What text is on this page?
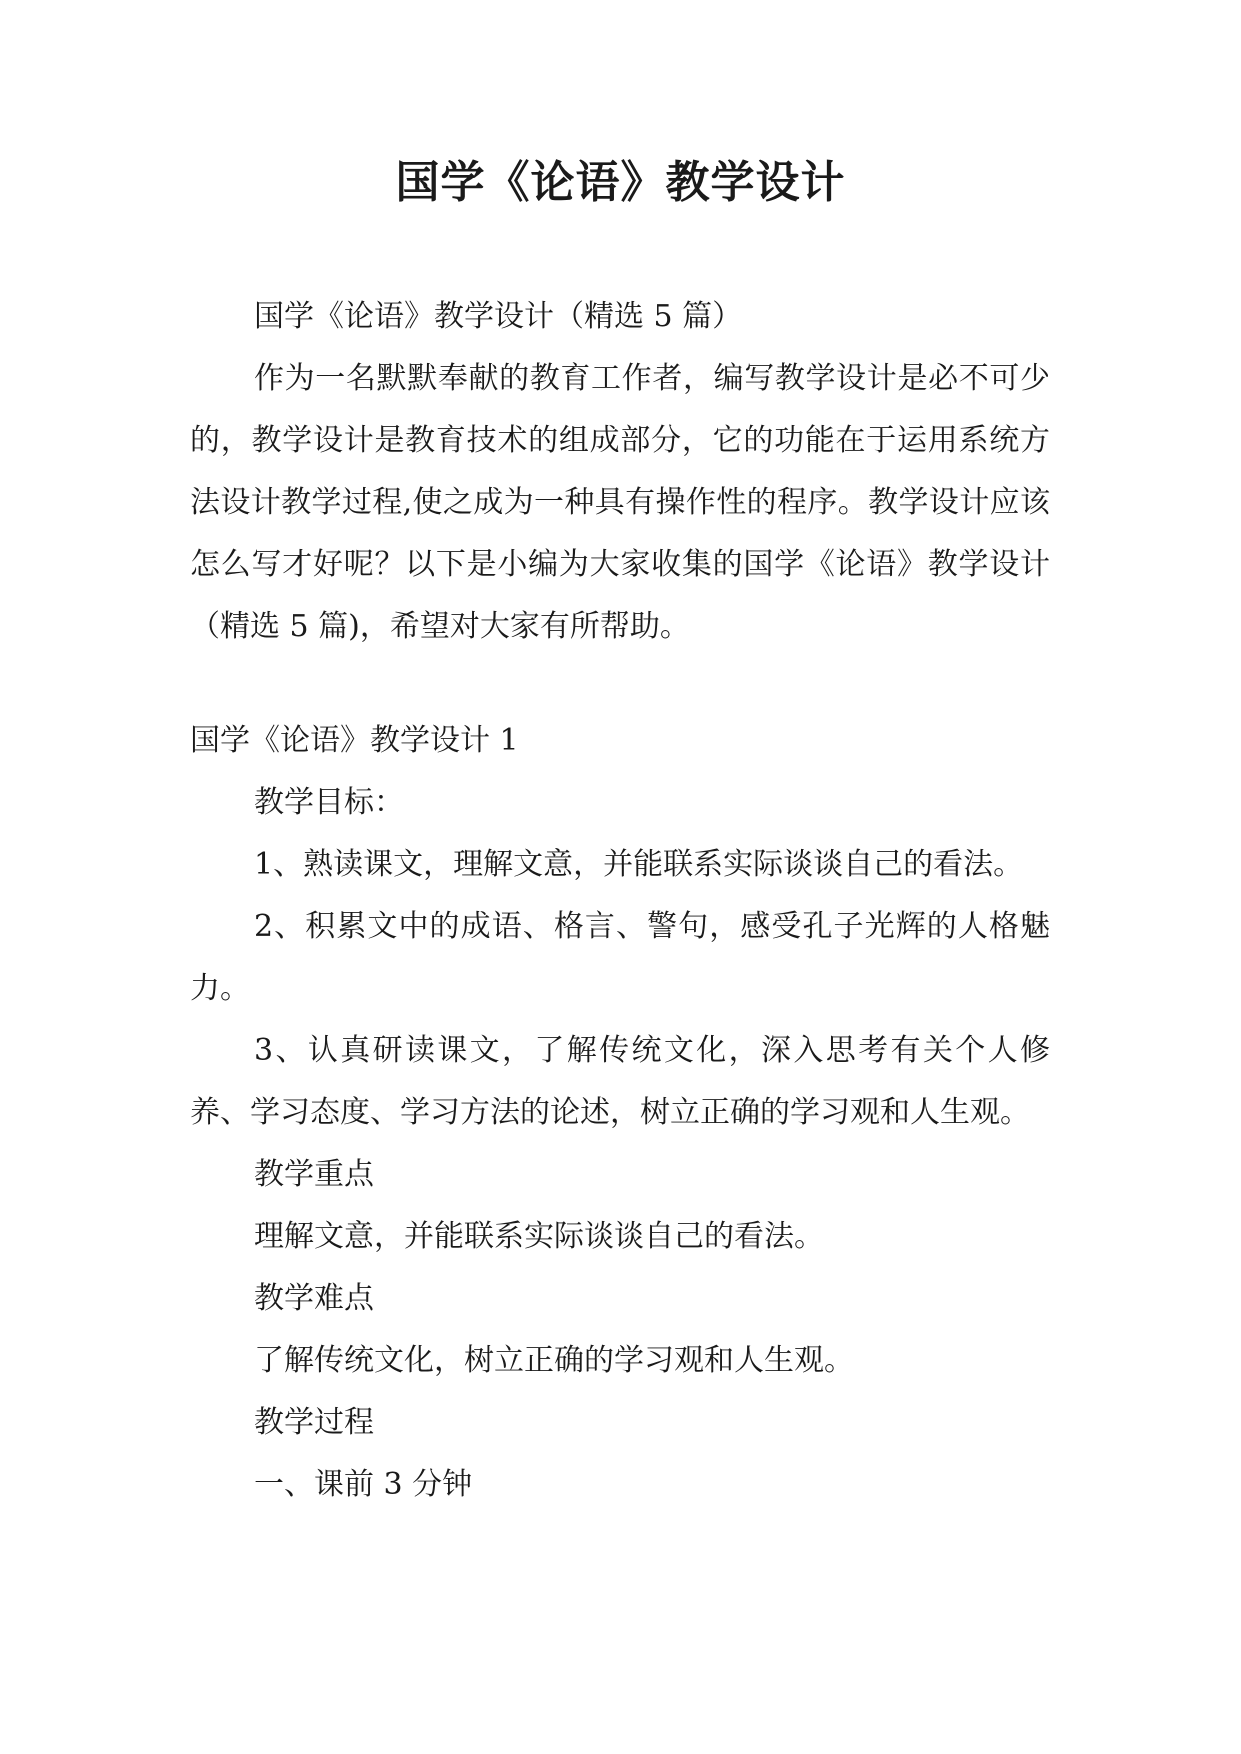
国学《论语》教学设计

国学《论语》教学设计（精选 5 篇）

作为一名默默奉献的教育工作者，编写教学设计是必不可少的，教学设计是教育技术的组成部分，它的功能在于运用系统方法设计教学过程,使之成为一种具有操作性的程序。教学设计应该怎么写才好呢？以下是小编为大家收集的国学《论语》教学设计（精选 5 篇)，希望对大家有所帮助。

国学《论语》教学设计 1

教学目标：

1、熟读课文，理解文意，并能联系实际谈谈自己的看法。

2、积累文中的成语、格言、警句，感受孔子光辉的人格魅力。

3、认真研读课文，了解传统文化，深入思考有关个人修养、学习态度、学习方法的论述，树立正确的学习观和人生观。

教学重点

理解文意，并能联系实际谈谈自己的看法。

教学难点

了解传统文化，树立正确的学习观和人生观。

教学过程

一、课前 3 分钟
